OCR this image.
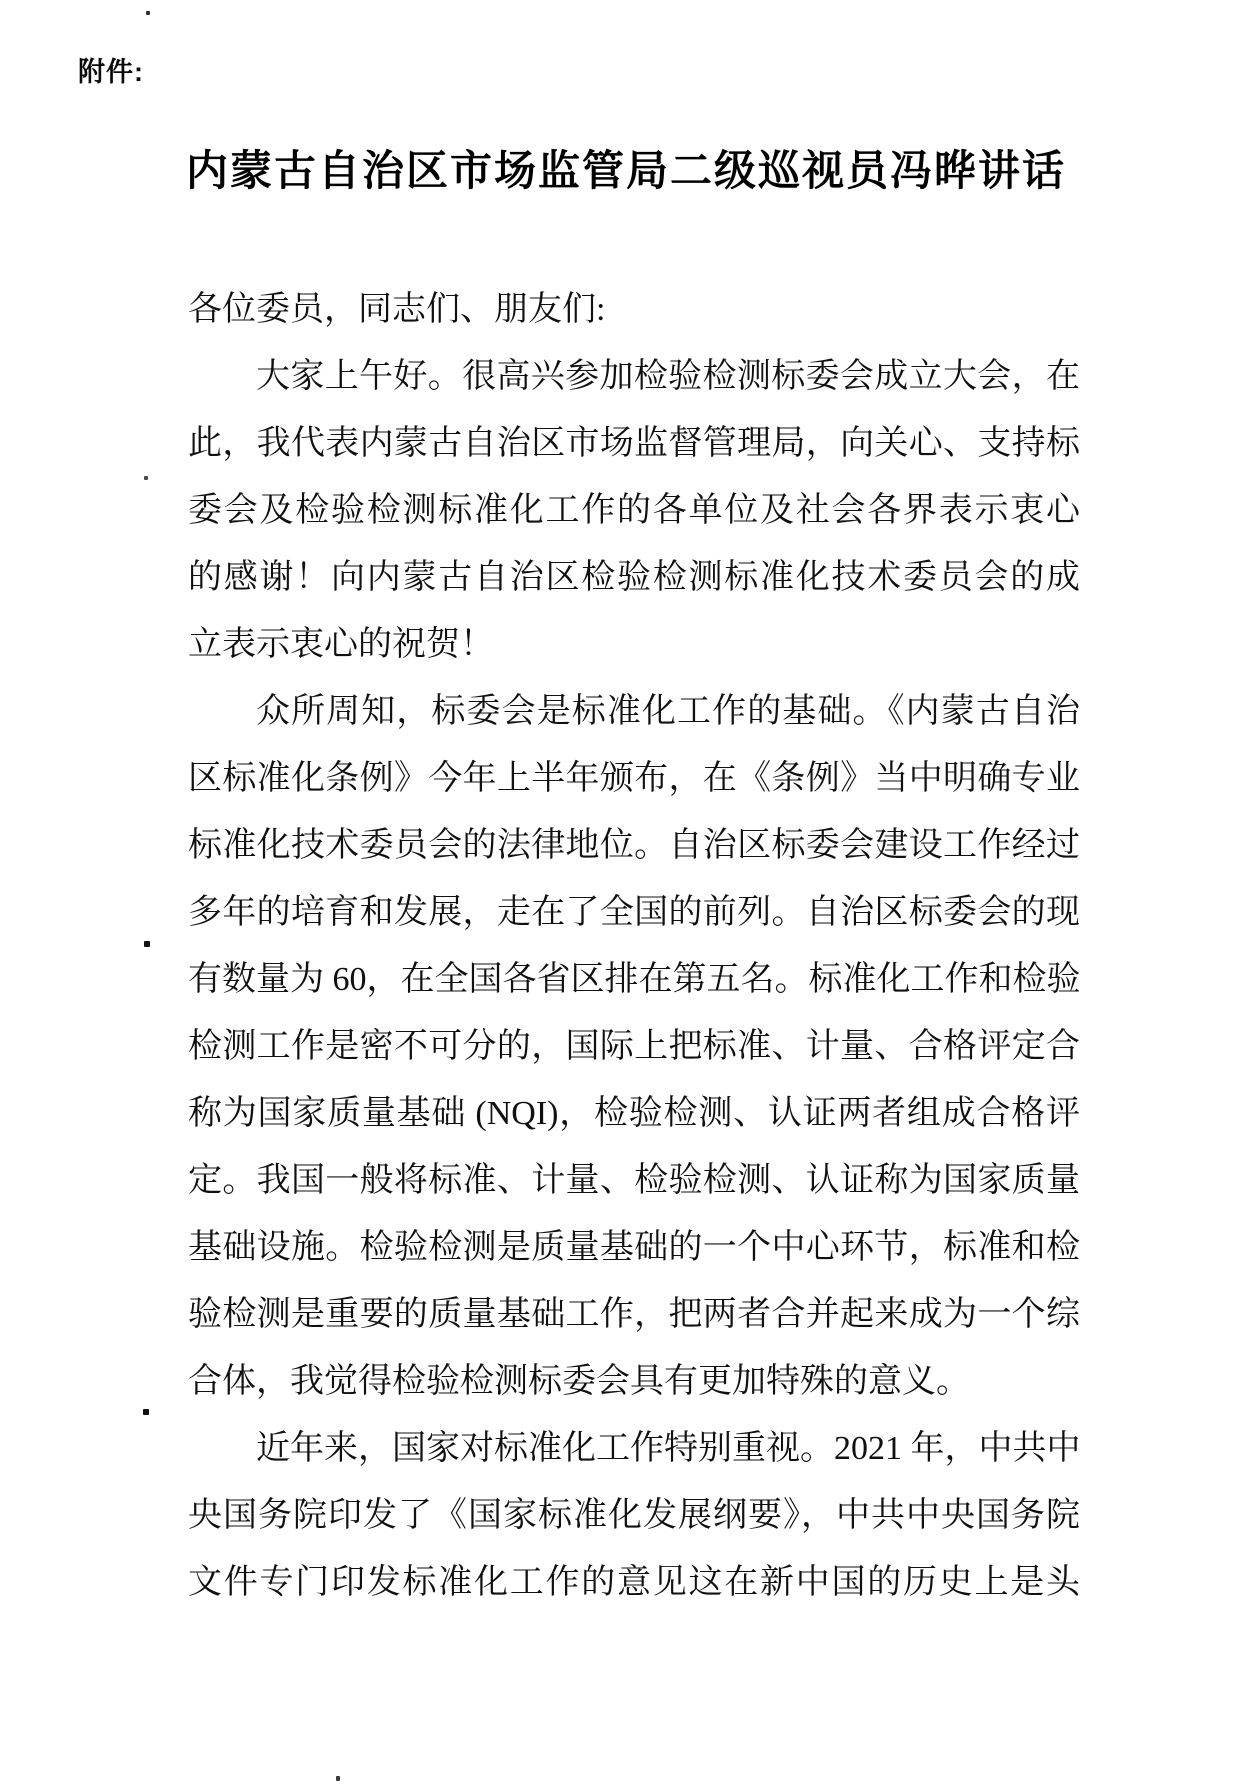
附件:
内蒙古自治区市场监管局二级巡视员冯晔讲话
各位委员，同志们、朋友们:
大家上午好。很高兴参加检验检测标委会成立大会，在
此，我代表内蒙古自治区市场监督管理局，向关心、支持标
委会及检验检测标准化工作的各单位及社会各界表示衷心
的感谢！向内蒙古自治区检验检测标准化技术委员会的成
立表示衷心的祝贺！
众所周知，标委会是标准化工作的基础。《内蒙古自治
区标准化条例》今年上半年颁布，在《条例》当中明确专业
标准化技术委员会的法律地位。自治区标委会建设工作经过
多年的培育和发展，走在了全国的前列。自治区标委会的现
有数量为 60，在全国各省区排在第五名。标准化工作和检验
检测工作是密不可分的，国际上把标准、计量、合格评定合
称为国家质量基础 (NQI)，检验检测、认证两者组成合格评
定。我国一般将标准、计量、检验检测、认证称为国家质量
基础设施。检验检测是质量基础的一个中心环节，标准和检
验检测是重要的质量基础工作，把两者合并起来成为一个综
合体，我觉得检验检测标委会具有更加特殊的意义。
近年来，国家对标准化工作特别重视。2021 年，中共中
央国务院印发了《国家标准化发展纲要》，中共中央国务院
文件专门印发标准化工作的意见这在新中国的历史上是头
